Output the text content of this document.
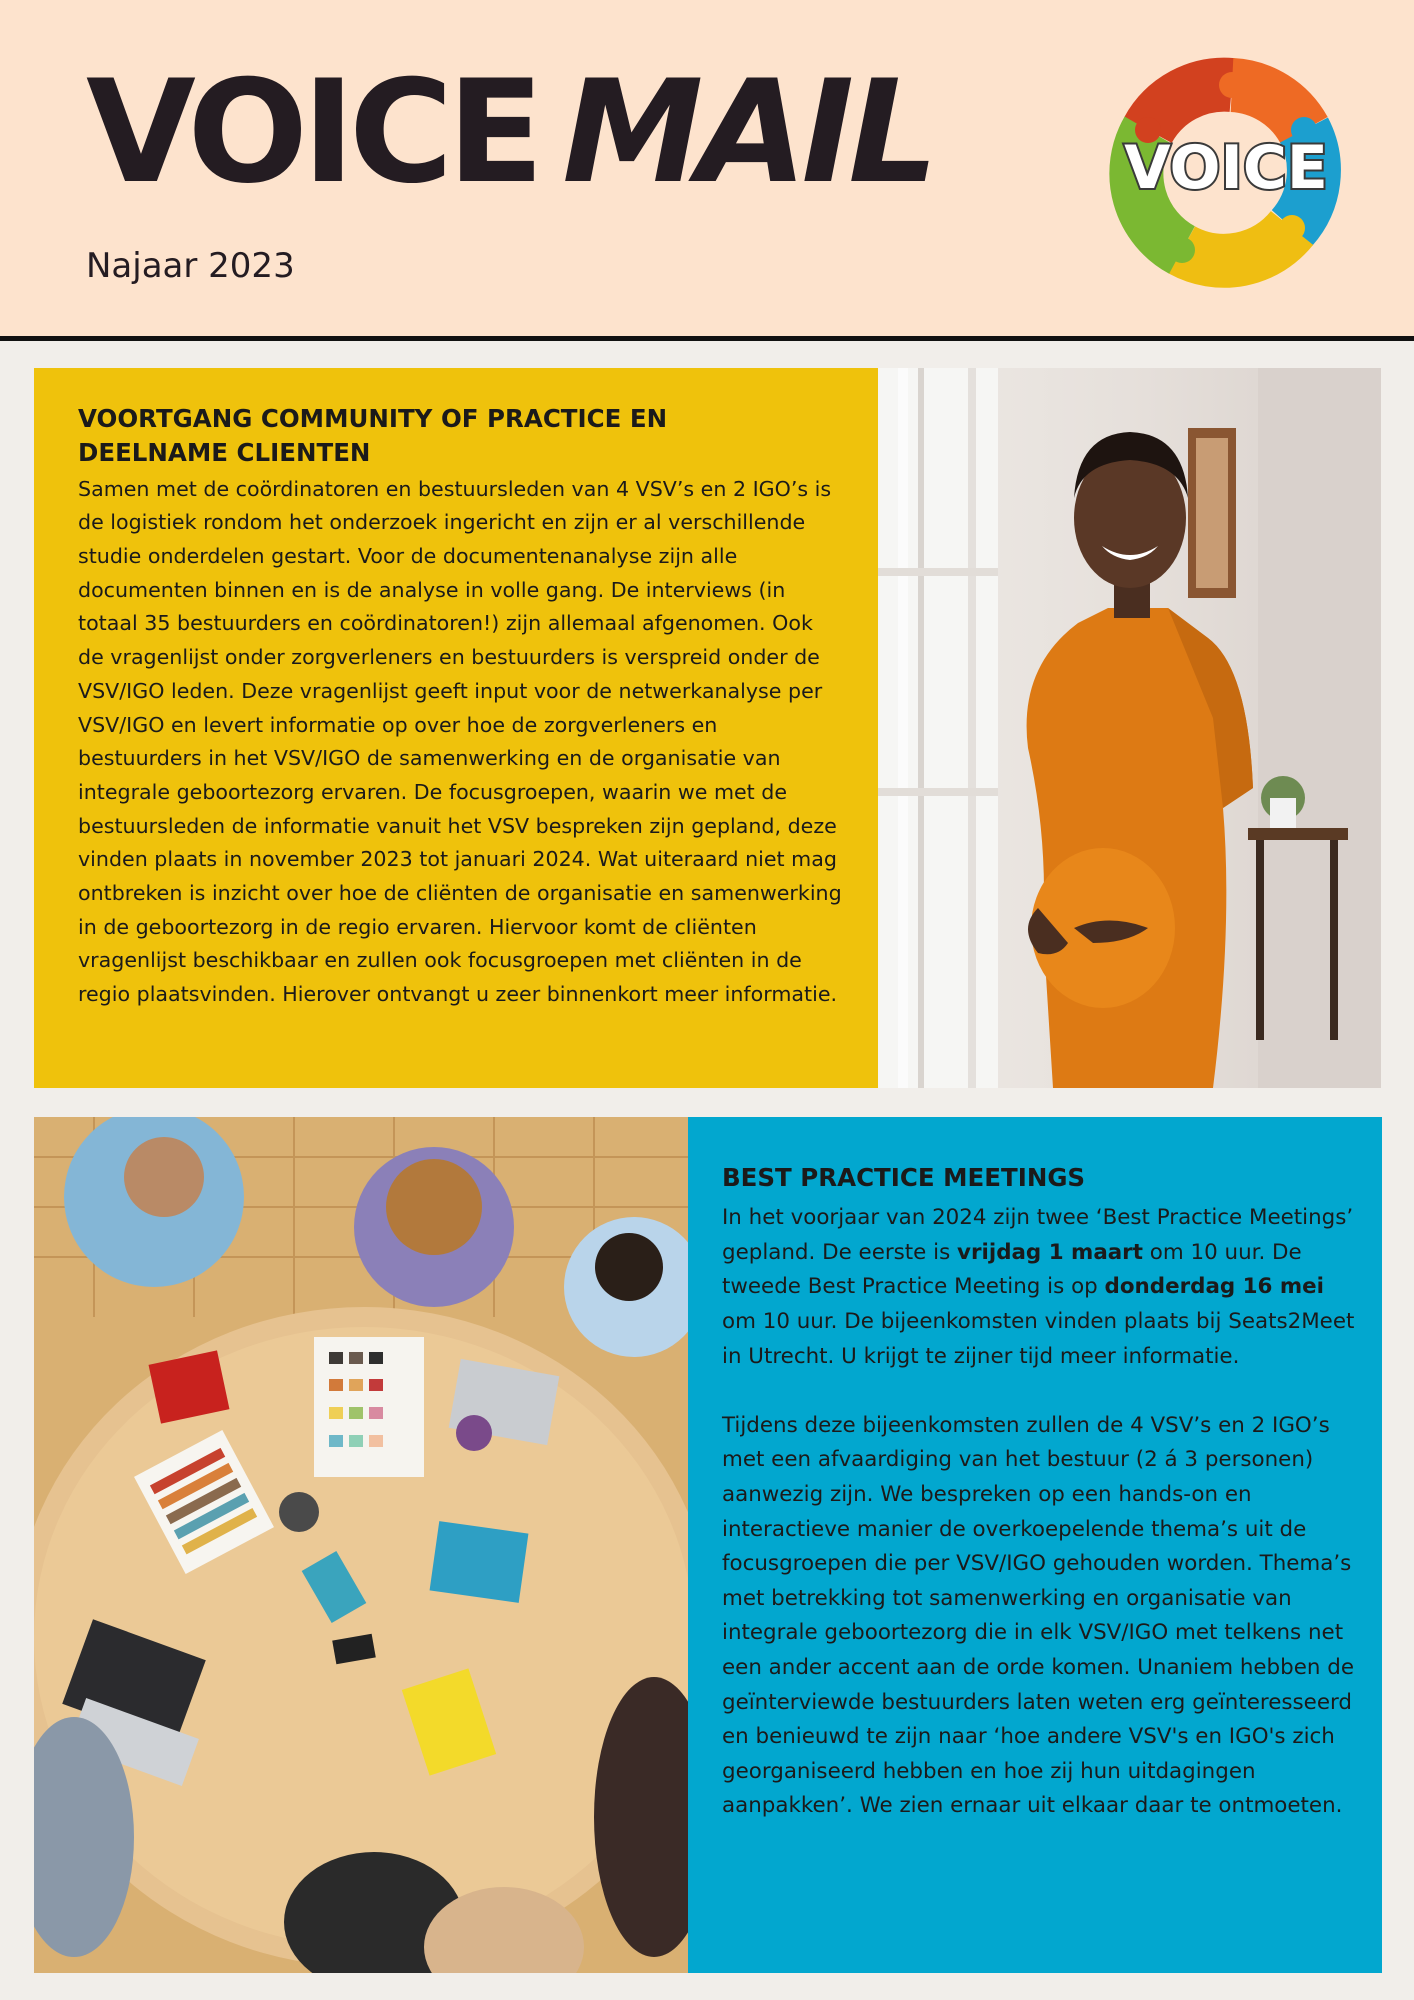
VOICE MAIL
Najaar 2023
VOICE
VOORTGANG COMMUNITY OF PRACTICE EN DEELNAME CLIENTEN

Samen met de coördinatoren en bestuursleden van 4 VSV’s en 2 IGO’s is de logistiek rondom het onderzoek ingericht en zijn er al verschillende studie onderdelen gestart. Voor de documentenanalyse zijn alle documenten binnen en is de analyse in volle gang. De interviews (in totaal 35 bestuurders en coördinatoren!) zijn allemaal afgenomen. Ook de vragenlijst onder zorgverleners en bestuurders is verspreid onder de VSV/IGO leden. Deze vragenlijst geeft input voor de netwerkanalyse per VSV/IGO en levert informatie op over hoe de zorgverleners en bestuurders in het VSV/IGO de samenwerking en de organisatie van integrale geboortezorg ervaren. De focusgroepen, waarin we met de bestuursleden de informatie vanuit het VSV bespreken zijn gepland, deze vinden plaats in november 2023 tot januari 2024. Wat uiteraard niet mag ontbreken is inzicht over hoe de cliënten de organisatie en samenwerking in de geboortezorg in de regio ervaren. Hiervoor komt de cliënten vragenlijst beschikbaar en zullen ook focusgroepen met cliënten in de regio plaatsvinden. Hierover ontvangt u zeer binnenkort meer informatie.

BEST PRACTICE MEETINGS

In het voorjaar van 2024 zijn twee ‘Best Practice Meetings’ gepland. De eerste is vrijdag 1 maart om 10 uur. De tweede Best Practice Meeting is op donderdag 16 mei om 10 uur. De bijeenkomsten vinden plaats bij Seats2Meet in Utrecht. U krijgt te zijner tijd meer informatie.

Tijdens deze bijeenkomsten zullen de 4 VSV’s en 2 IGO’s met een afvaardiging van het bestuur (2 á 3 personen) aanwezig zijn. We bespreken op een hands-on en interactieve manier de overkoepelende thema’s uit de focusgroepen die per VSV/IGO gehouden worden. Thema’s met betrekking tot samenwerking en organisatie van integrale geboortezorg die in elk VSV/IGO met telkens net een ander accent aan de orde komen. Unaniem hebben de geïnterviewde bestuurders laten weten erg geïnteresseerd en benieuwd te zijn naar ‘hoe andere VSV's en IGO's zich georganiseerd hebben en hoe zij hun uitdagingen aanpakken’. We zien ernaar uit elkaar daar te ontmoeten.
